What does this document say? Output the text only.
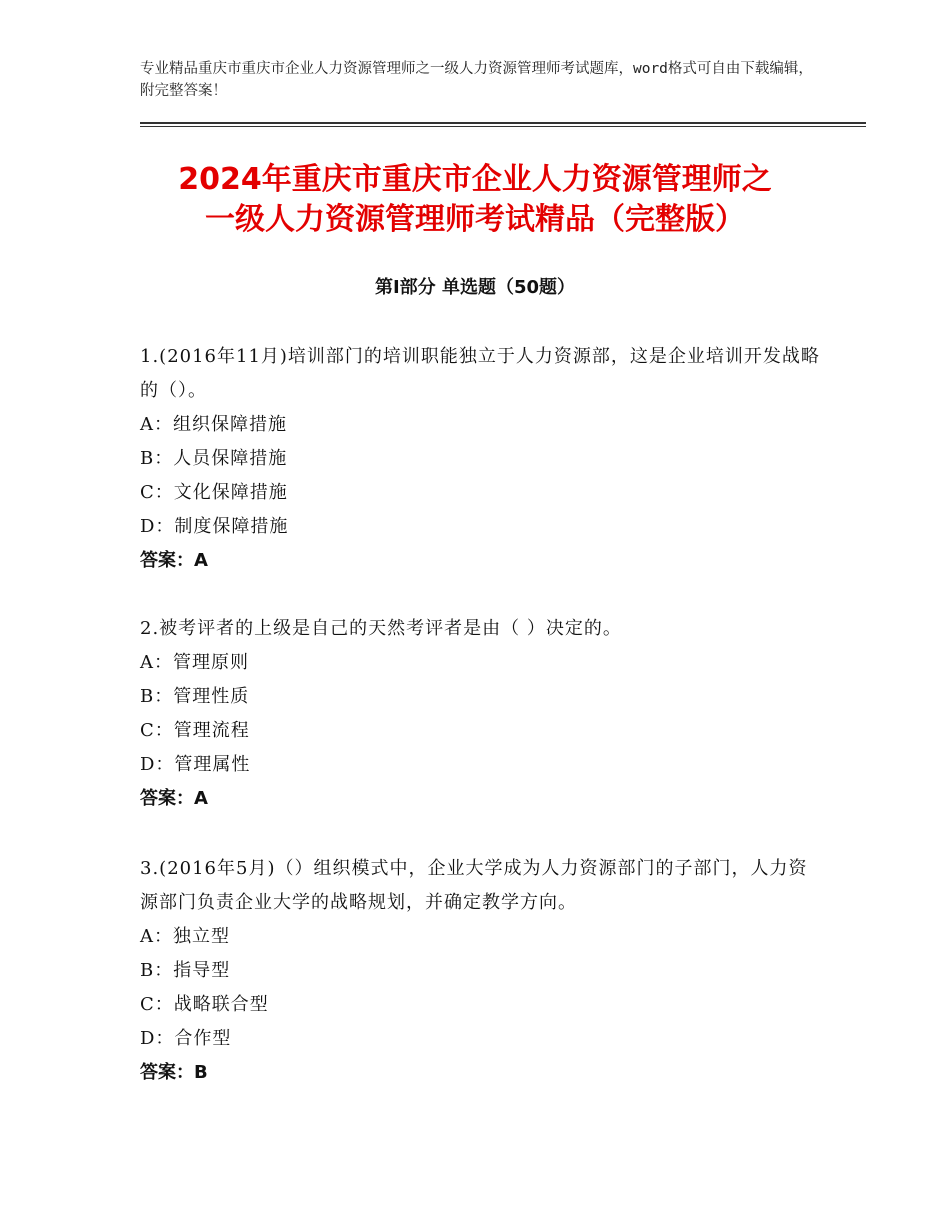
专业精品重庆市重庆市企业人力资源管理师之一级人力资源管理师考试题库，word格式可自由下载编辑，附完整答案！
2024年重庆市重庆市企业人力资源管理师之
一级人力资源管理师考试精品（完整版）
第Ⅰ部分 单选题（50题）

1.(2016年11月)培训部门的培训职能独立于人力资源部，这是企业培训开发战略的（）。

A：组织保障措施

B：人员保障措施

C：文化保障措施

D：制度保障措施

答案：A

2.被考评者的上级是自己的天然考评者是由（ ）决定的。

A：管理原则

B：管理性质

C：管理流程

D：管理属性

答案：A

3.(2016年5月)（）组织模式中，企业大学成为人力资源部门的子部门，人力资源部门负责企业大学的战略规划，并确定教学方向。

A：独立型

B：指导型

C：战略联合型

D：合作型

答案：B
